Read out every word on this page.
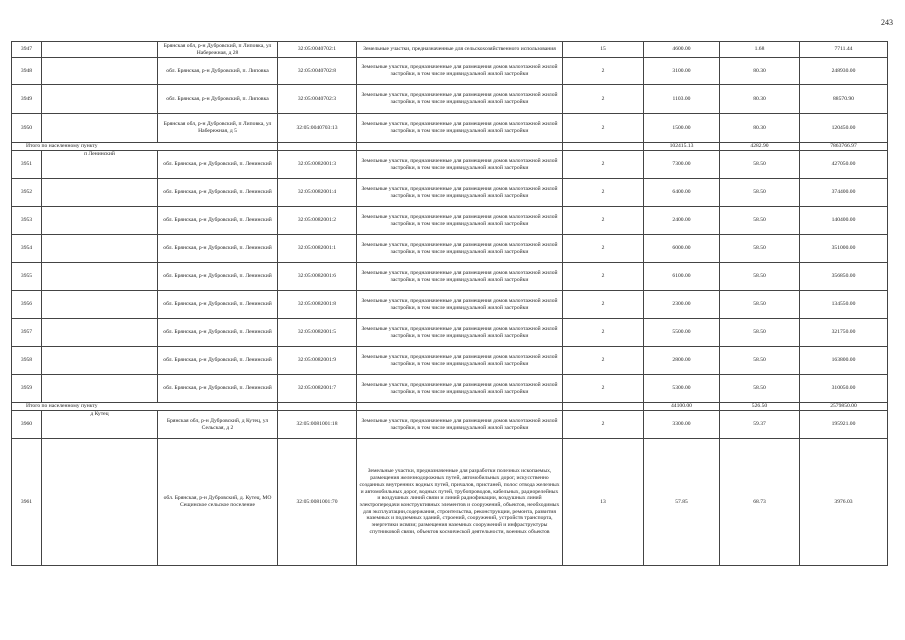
243
3947		Брянская обл, р-н Дубровский, п Липовка, ул Набережная, д 28	32:05:0040702:1	Земельные участки, предназначенные для сельскохозяйственного использования	15	4600.00	1.68	7711.44
3948		обл. Брянская, р-н Дубровский, п. Липовка	32:05:0040702:8	Земельные участки, предназначенные для размещения домов малоэтажной жилой застройки, в том числе индивидуальной жилой застройки	2	3100.00	80.30	248930.00
3949		обл. Брянская, р-н Дубровский, п. Липовка	32:05:0040702:3	Земельные участки, предназначенные для размещения домов малоэтажной жилой застройки, в том числе индивидуальной жилой застройки	2	1103.00	80.30	88570.90
3950		Брянская обл, р-н Дубровский, п Липовка, ул Набережная, д 5	32:05:0040703:13	Земельные участки, предназначенные для размещения домов малоэтажной жилой застройки, в том числе индивидуальной жилой застройки	2	1500.00	80.30	120450.00
Итого по населенному пункту						102415.13	4282.90	7863766.97
3951	п Ленинский	обл. Брянская, р-н Дубровский, п. Ленинский	32:05:0082001:3	Земельные участки, предназначенные для размещения домов малоэтажной жилой застройки, в том числе индивидуальной жилой застройки	2	7300.00	58.50	427050.00
3952		обл. Брянская, р-н Дубровский, п. Ленинский	32:05:0082001:4	Земельные участки, предназначенные для размещения домов малоэтажной жилой застройки, в том числе индивидуальной жилой застройки	2	6400.00	58.50	374400.00
3953		обл. Брянская, р-н Дубровский, п. Ленинский	32:05:0082001:2	Земельные участки, предназначенные для размещения домов малоэтажной жилой застройки, в том числе индивидуальной жилой застройки	2	2400.00	58.50	140400.00
3954		обл. Брянская, р-н Дубровский, п. Ленинский	32:05:0082001:1	Земельные участки, предназначенные для размещения домов малоэтажной жилой застройки, в том числе индивидуальной жилой застройки	2	6000.00	58.50	351000.00
3955		обл. Брянская, р-н Дубровский, п. Ленинский	32:05:0082001:6	Земельные участки, предназначенные для размещения домов малоэтажной жилой застройки, в том числе индивидуальной жилой застройки	2	6100.00	58.50	356850.00
3956		обл. Брянская, р-н Дубровский, п. Ленинский	32:05:0082001:8	Земельные участки, предназначенные для размещения домов малоэтажной жилой застройки, в том числе индивидуальной жилой застройки	2	2300.00	58.50	134550.00
3957		обл. Брянская, р-н Дубровский, п. Ленинский	32:05:0082001:5	Земельные участки, предназначенные для размещения домов малоэтажной жилой застройки, в том числе индивидуальной жилой застройки	2	5500.00	58.50	321750.00
3958		обл. Брянская, р-н Дубровский, п. Ленинский	32:05:0082001:9	Земельные участки, предназначенные для размещения домов малоэтажной жилой застройки, в том числе индивидуальной жилой застройки	2	2800.00	58.50	163800.00
3959		обл. Брянская, р-н Дубровский, п. Ленинский	32:05:0082001:7	Земельные участки, предназначенные для размещения домов малоэтажной жилой застройки, в том числе индивидуальной жилой застройки	2	5300.00	58.50	310050.00
Итого по населенному пункту						44100.00	526.50	2579850.00
3960	д Кутец	Брянская обл, р-н Дубровский, д Кутец, ул Сельская, д 2	32:05:0081001:18	Земельные участки, предназначенные для размещения домов малоэтажной жилой застройки, в том числе индивидуальной жилой застройки	2	3300.00	59.37	195921.00
3961		обл. Брянская, р-н Дубровский, д. Кутец, МО Сещинское сельское поселение	32:05:0081001:70	Земельные участки, предназначенные для разработки полезных ископаемых, размещения железнодорожных путей, автомобильных дорог, искусственно созданных внутренних водных путей, причалов, пристаней, полос отвода железных и автомобильных дорог, водных путей, трубопроводов, кабельных, радиорелейных и воздушных линий связи и линий радиофикации, воздушных линий электропередачи конструктивных элементов и сооружений, объектов, необходимых для эксплуатации,содержания, строительства, реконструкции, ремонта, развития наземных и подземных зданий, строений, сооружений, устройств транспорта, энергетики исвязи; размещения наземных сооружений и инфраструктуры спутниковой связи, объектов космической деятельности, военных объектов	13	57.85	68.73	3976.03
